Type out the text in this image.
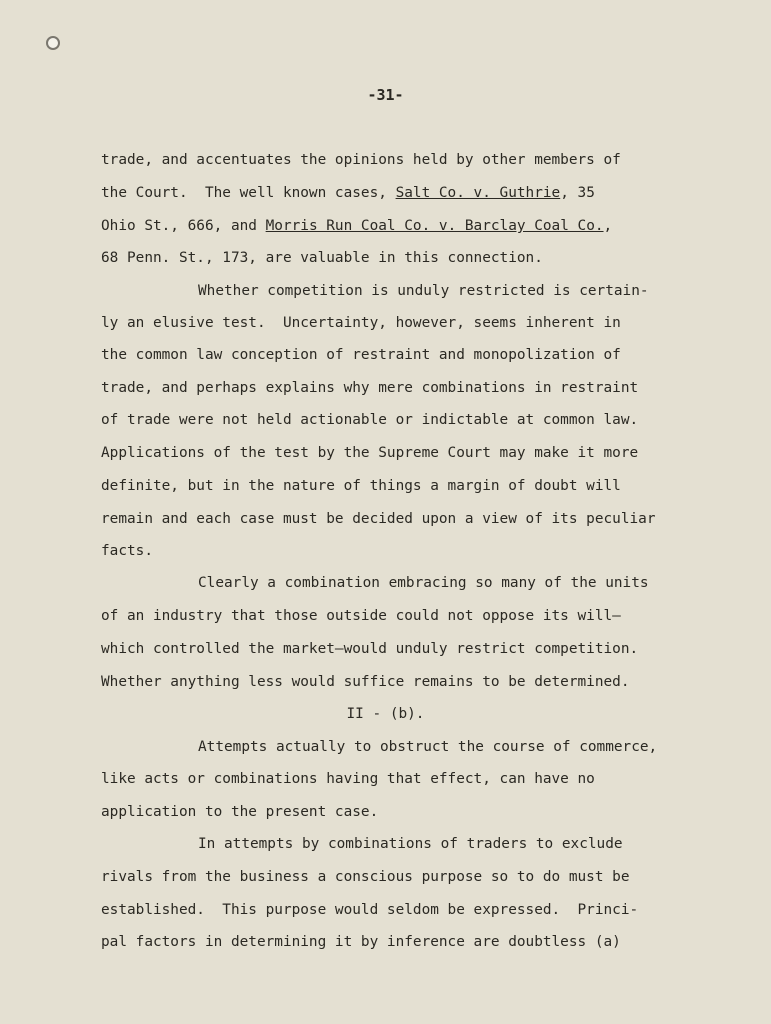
-31-
trade, and accentuates the opinions held by other members of
the Court.  The well known cases, Salt Co. v. Guthrie, 35
Ohio St., 666, and Morris Run Coal Co. v. Barclay Coal Co.,
68 Penn. St., 173, are valuable in this connection.
Whether competition is unduly restricted is certain-
ly an elusive test.  Uncertainty, however, seems inherent in
the common law conception of restraint and monopolization of
trade, and perhaps explains why mere combinations in restraint
of trade were not held actionable or indictable at common law.
Applications of the test by the Supreme Court may make it more
definite, but in the nature of things a margin of doubt will
remain and each case must be decided upon a view of its peculiar
facts.
Clearly a combination embracing so many of the units
of an industry that those outside could not oppose its will—
which controlled the market—would unduly restrict competition.
Whether anything less would suffice remains to be determined.
II - (b).
Attempts actually to obstruct the course of commerce,
like acts or combinations having that effect, can have no
application to the present case.
In attempts by combinations of traders to exclude
rivals from the business a conscious purpose so to do must be
established.  This purpose would seldom be expressed.  Princi-
pal factors in determining it by inference are doubtless (a)
